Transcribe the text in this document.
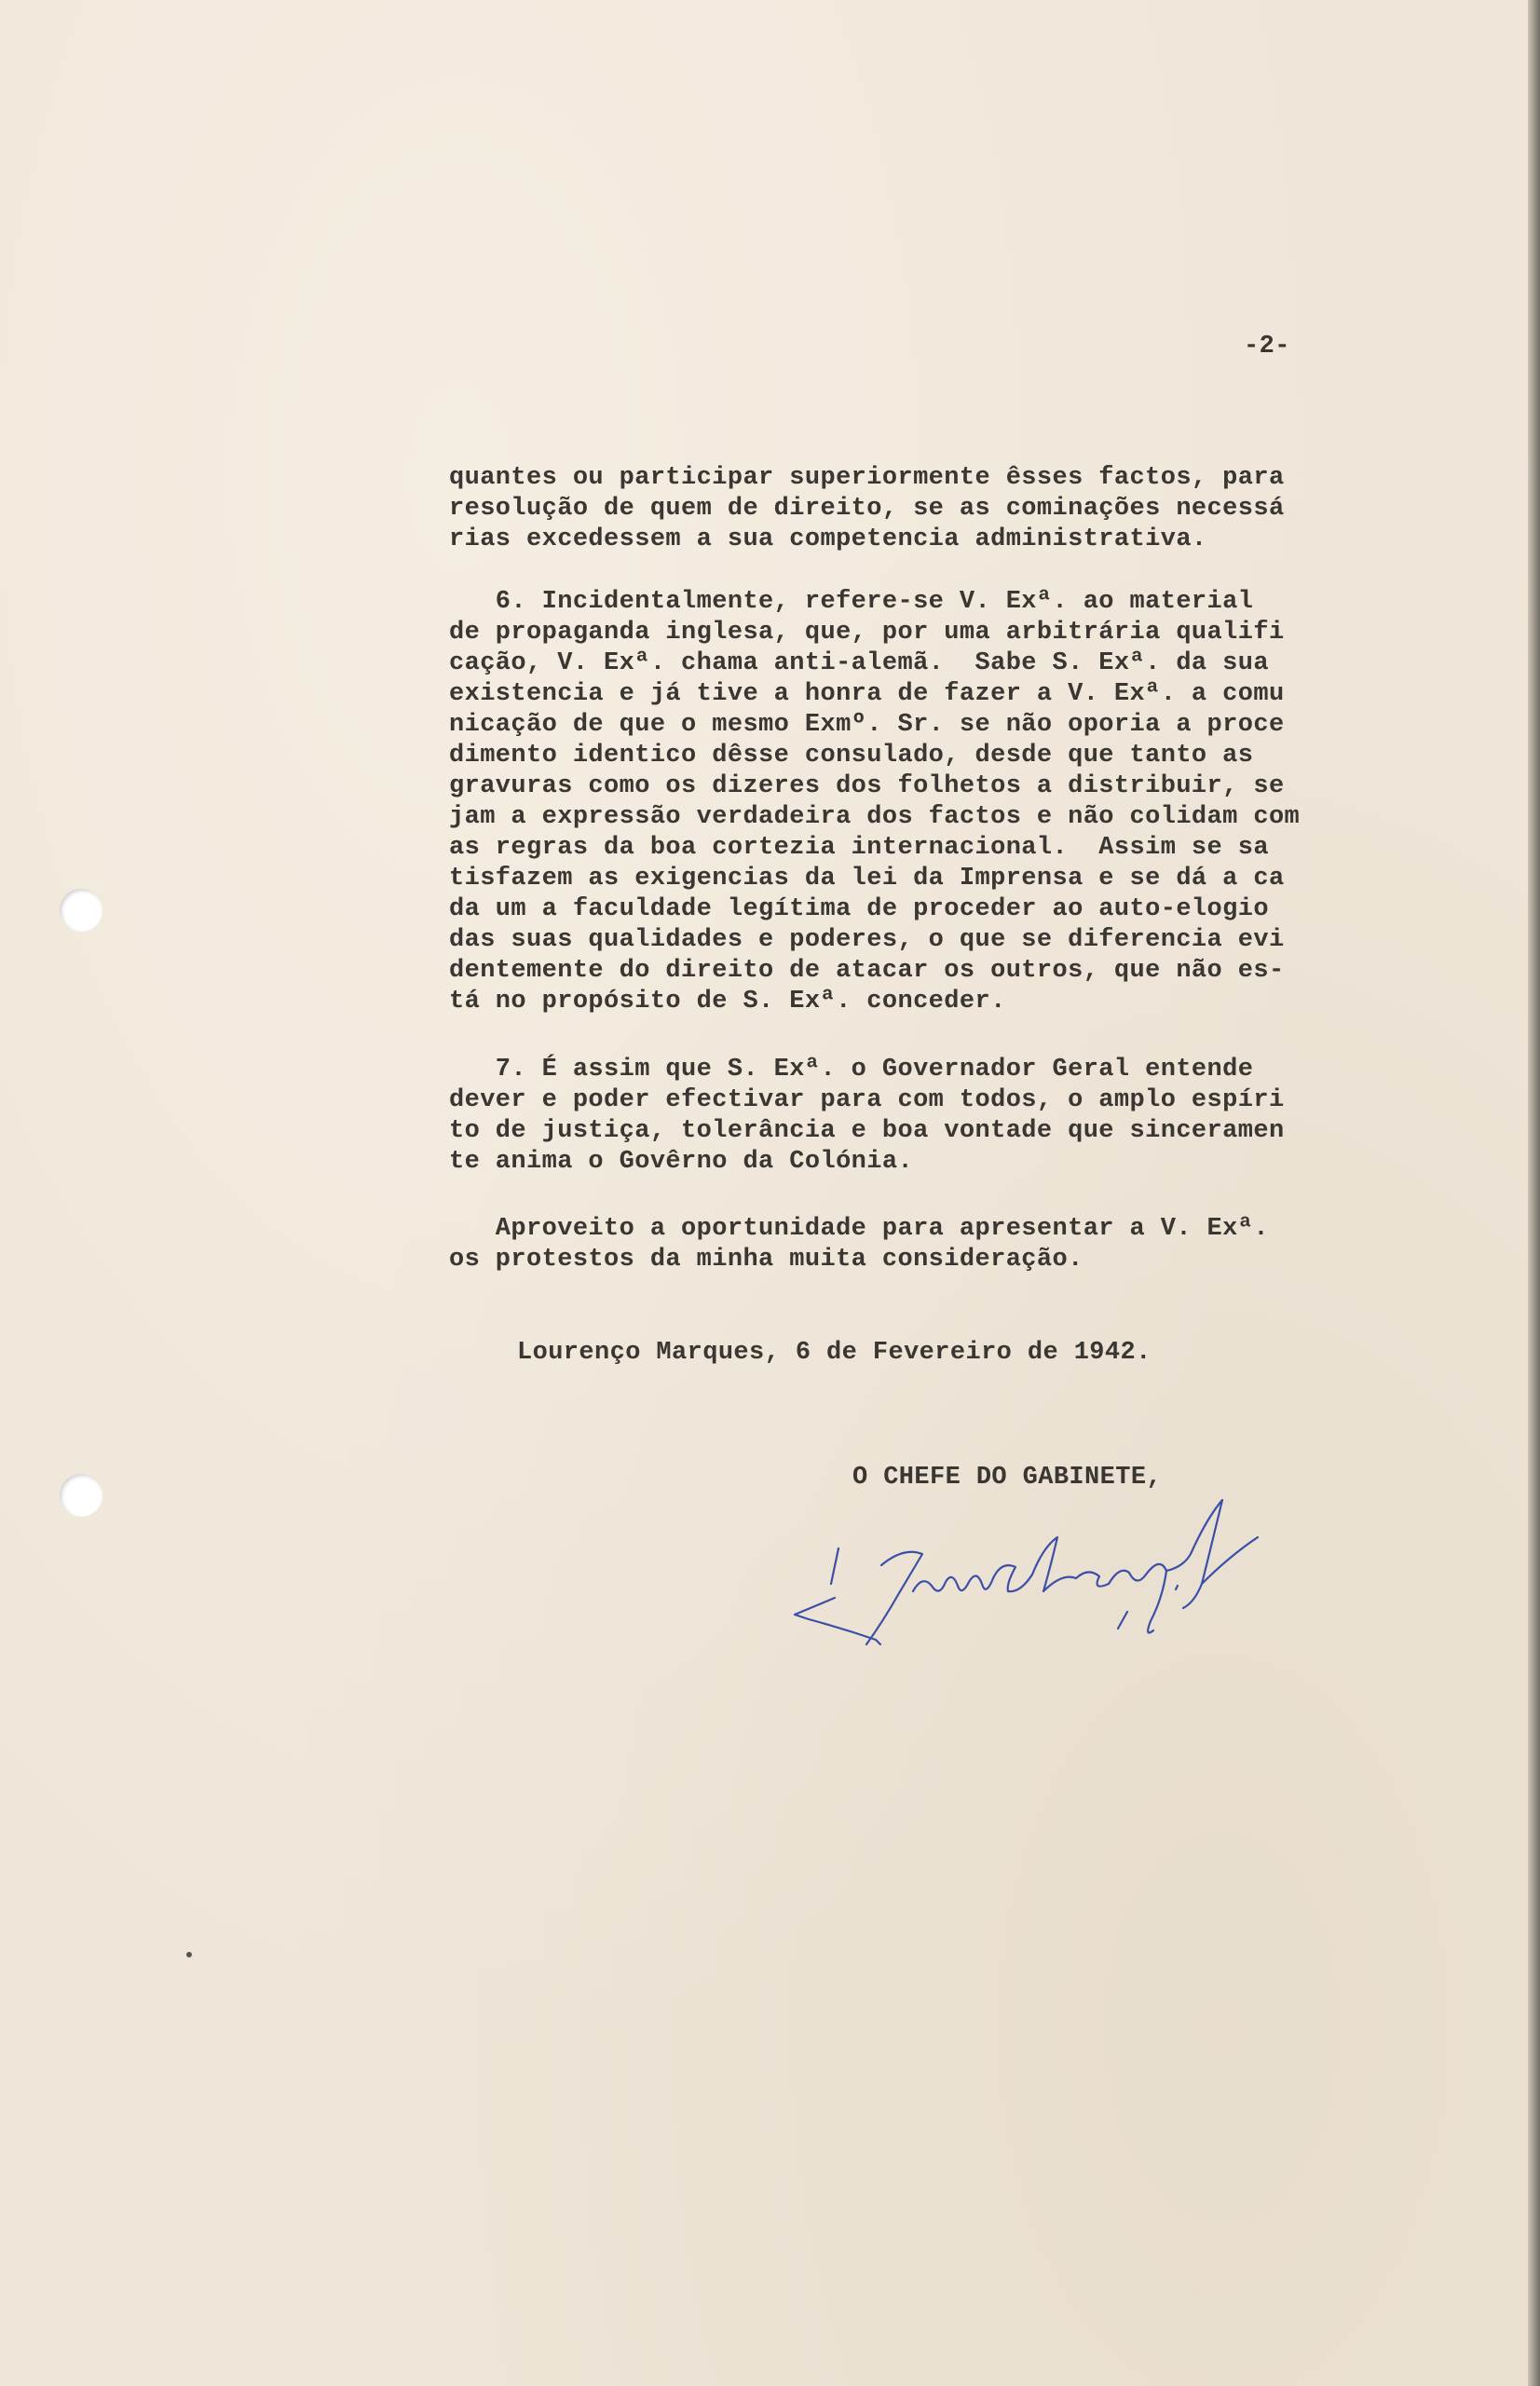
-2-

quantes ou participar superiormente êsses factos, para
resolução de quem de direito, se as cominações necessá
rias excedessem a sua competencia administrativa.

6. Incidentalmente, refere-se V. Exª. ao material
de propaganda inglesa, que, por uma arbitrária qualifi
cação, V. Exª. chama anti-alemã.  Sabe S. Exª. da sua
existencia e já tive a honra de fazer a V. Exª. a comu
nicação de que o mesmo Exmº. Sr. se não oporia a proce
dimento identico dêsse consulado, desde que tanto as
gravuras como os dizeres dos folhetos a distribuir, se
jam a expressão verdadeira dos factos e não colidam com
as regras da boa cortezia internacional.  Assim se sa
tisfazem as exigencias da lei da Imprensa e se dá a ca
da um a faculdade legítima de proceder ao auto-elogio
das suas qualidades e poderes, o que se diferencia evi
dentemente do direito de atacar os outros, que não es-
tá no propósito de S. Exª. conceder.

7. É assim que S. Exª. o Governador Geral entende
dever e poder efectivar para com todos, o amplo espíri
to de justiça, tolerância e boa vontade que sinceramen
te anima o Govêrno da Colónia.

Aproveito a oportunidade para apresentar a V. Exª.
os protestos da minha muita consideração.

Lourenço Marques, 6 de Fevereiro de 1942.

O CHEFE DO GABINETE,
